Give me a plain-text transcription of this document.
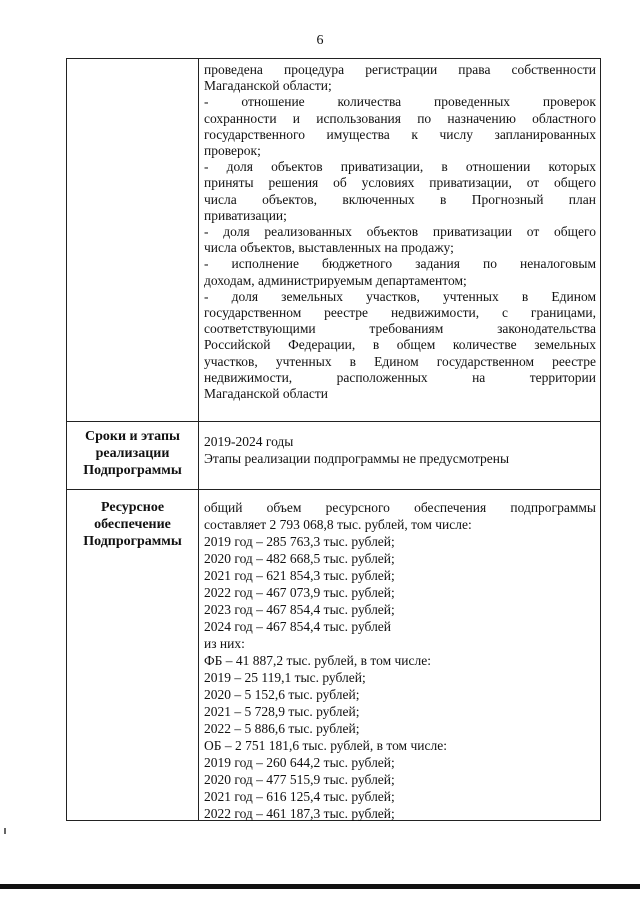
6
проведена процедура регистрации права собственности
Магаданской области;
- отношение количества проведенных проверок
сохранности и использования по назначению областного
государственного имущества к числу запланированных
проверок;
- доля объектов приватизации, в отношении которых
приняты решения об условиях приватизации, от общего
числа объектов, включенных в Прогнозный план
приватизации;
- доля реализованных объектов приватизации от общего
числа объектов, выставленных на продажу;
- исполнение бюджетного задания по неналоговым
доходам, администрируемым департаментом;
- доля земельных участков, учтенных в Едином
государственном реестре недвижимости, с границами,
соответствующими требованиям законодательства
Российской Федерации, в общем количестве земельных
участков, учтенных в Едином государственном реестре
недвижимости, расположенных на территории
Магаданской области
Сроки и этапы
реализации
Подпрограммы
2019-2024 годы
Этапы реализации подпрограммы не предусмотрены
Ресурсное
обеспечение
Подпрограммы
общий объем ресурсного обеспечения подпрограммы
составляет 2 793 068,8 тыс. рублей, том числе:
2019 год – 285 763,3 тыс. рублей;
2020 год – 482 668,5 тыс. рублей;
2021 год – 621 854,3 тыс. рублей;
2022 год – 467 073,9 тыс. рублей;
2023 год – 467 854,4 тыс. рублей;
2024 год – 467 854,4 тыс. рублей
из них:
ФБ – 41 887,2 тыс. рублей, в том числе:
2019 – 25 119,1 тыс. рублей;
2020 – 5 152,6 тыс. рублей;
2021 – 5 728,9 тыс. рублей;
2022 – 5 886,6 тыс. рублей;
ОБ – 2 751 181,6 тыс. рублей, в том числе:
2019 год – 260 644,2 тыс. рублей;
2020 год – 477 515,9 тыс. рублей;
2021 год – 616 125,4 тыс. рублей;
2022 год – 461 187,3 тыс. рублей;
